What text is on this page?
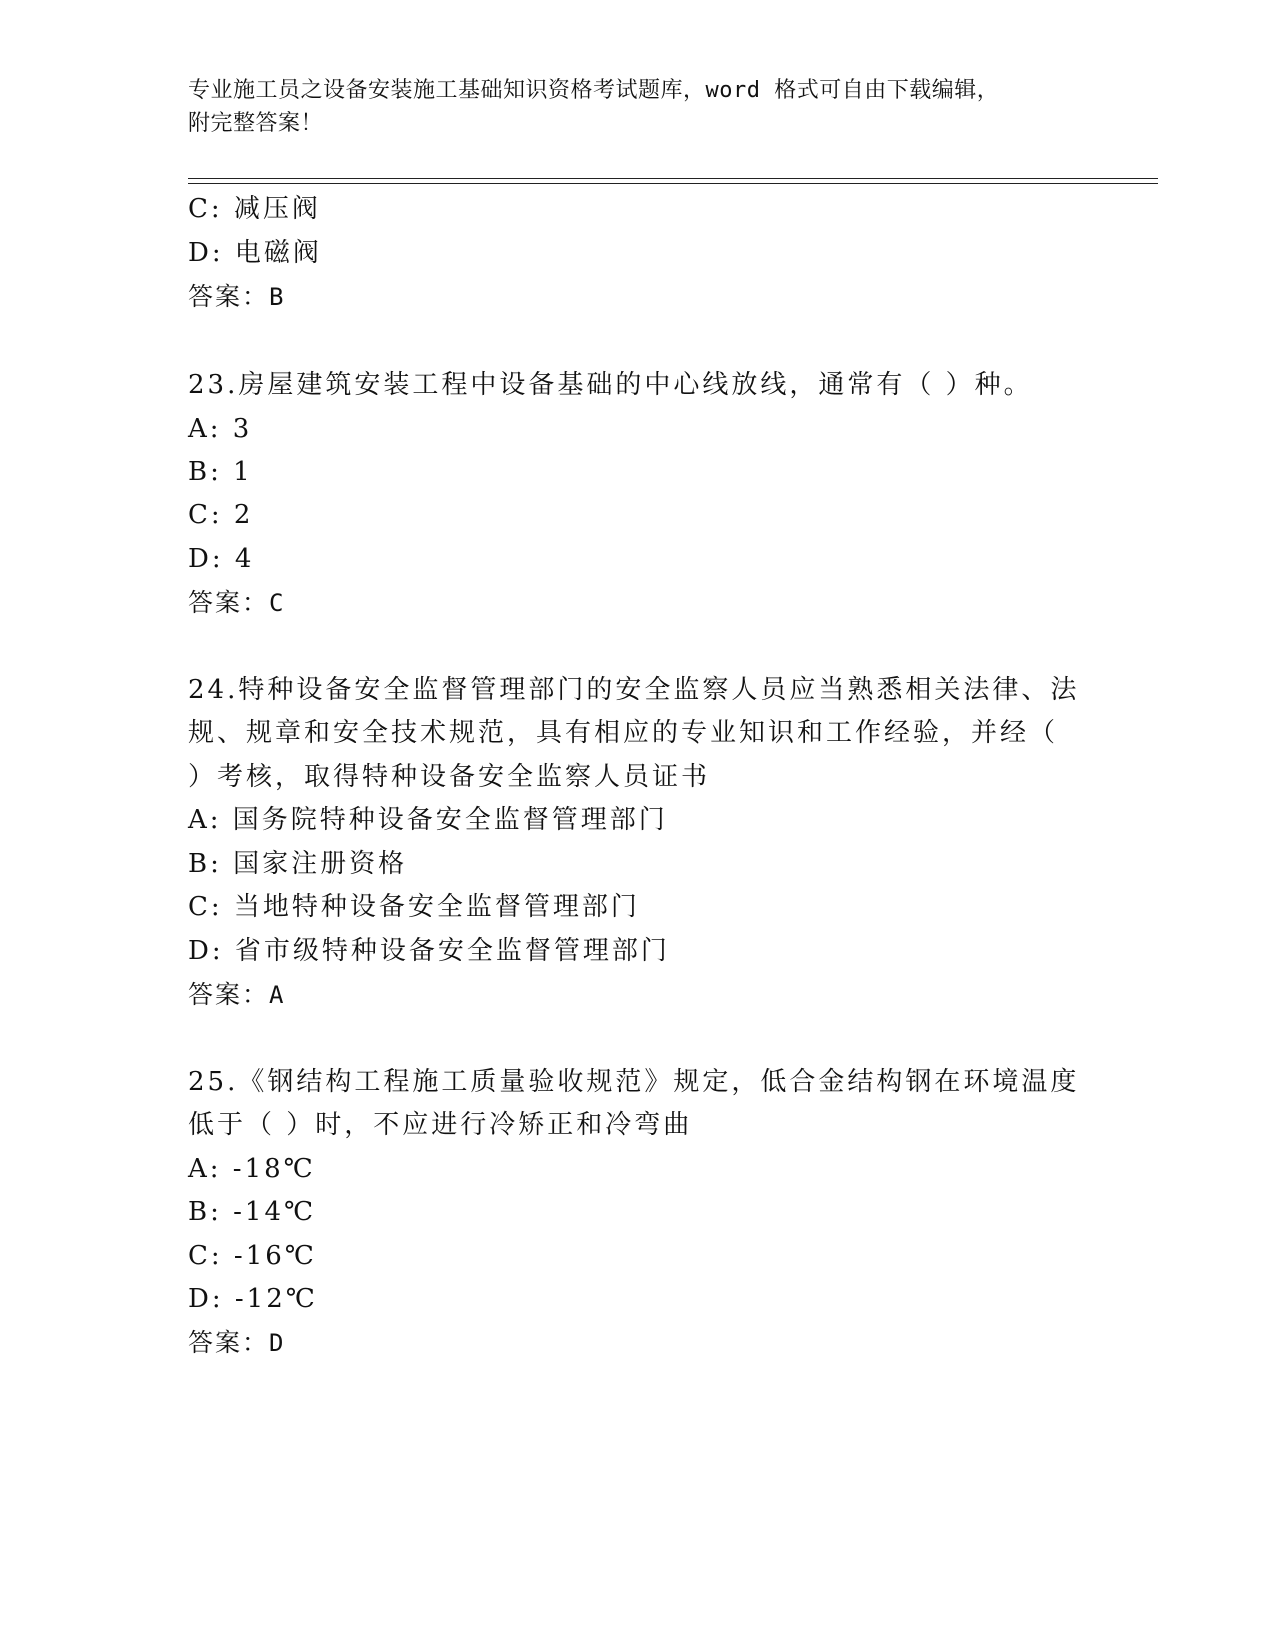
专业施工员之设备安装施工基础知识资格考试题库，word 格式可自由下载编辑，
附完整答案！
C: 减压阀
D: 电磁阀
答案：B
23.房屋建筑安装工程中设备基础的中心线放线，通常有（ ）种。
A: 3
B: 1
C: 2
D: 4
答案：C
24.特种设备安全监督管理部门的安全监察人员应当熟悉相关法律、法
规、规章和安全技术规范，具有相应的专业知识和工作经验，并经（
）考核，取得特种设备安全监察人员证书
A: 国务院特种设备安全监督管理部门
B: 国家注册资格
C: 当地特种设备安全监督管理部门
D: 省市级特种设备安全监督管理部门
答案：A
25.《钢结构工程施工质量验收规范》规定，低合金结构钢在环境温度
低于（ ）时，不应进行冷矫正和冷弯曲
A: -18℃
B: -14℃
C: -16℃
D: -12℃
答案：D
